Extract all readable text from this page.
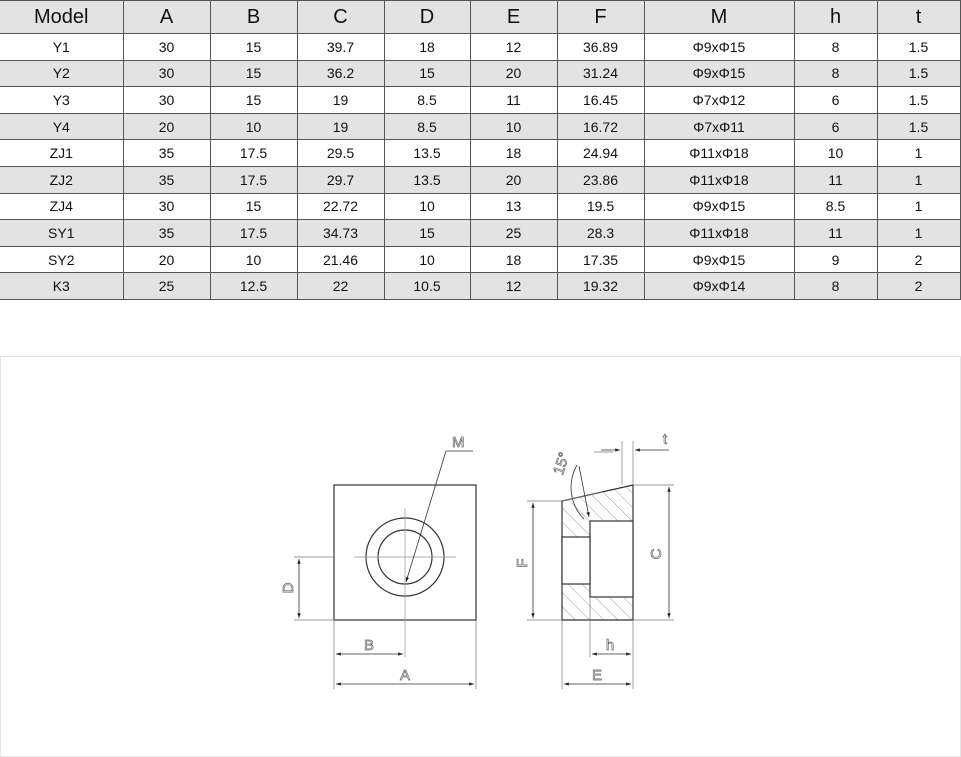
Model	A	B	C	D	E	F	M	h	t
Y1	30	15	39.7	18	12	36.89	Φ9xΦ15	8	1.5
Y2	30	15	36.2	15	20	31.24	Φ9xΦ15	8	1.5
Y3	30	15	19	8.5	11	16.45	Φ7xΦ12	6	1.5
Y4	20	10	19	8.5	10	16.72	Φ7xΦ11	6	1.5
ZJ1	35	17.5	29.5	13.5	18	24.94	Φ11xΦ18	10	1
ZJ2	35	17.5	29.7	13.5	20	23.86	Φ11xΦ18	11	1
ZJ4	30	15	22.72	10	13	19.5	Φ9xΦ15	8.5	1
SY1	35	17.5	34.73	15	25	28.3	Φ11xΦ18	11	1
SY2	20	10	21.46	10	18	17.35	Φ9xΦ15	9	2
K3	25	12.5	22	10.5	12	19.32	Φ9xΦ14	8	2
M
D
B
A
15°
t
F
C
h
E
